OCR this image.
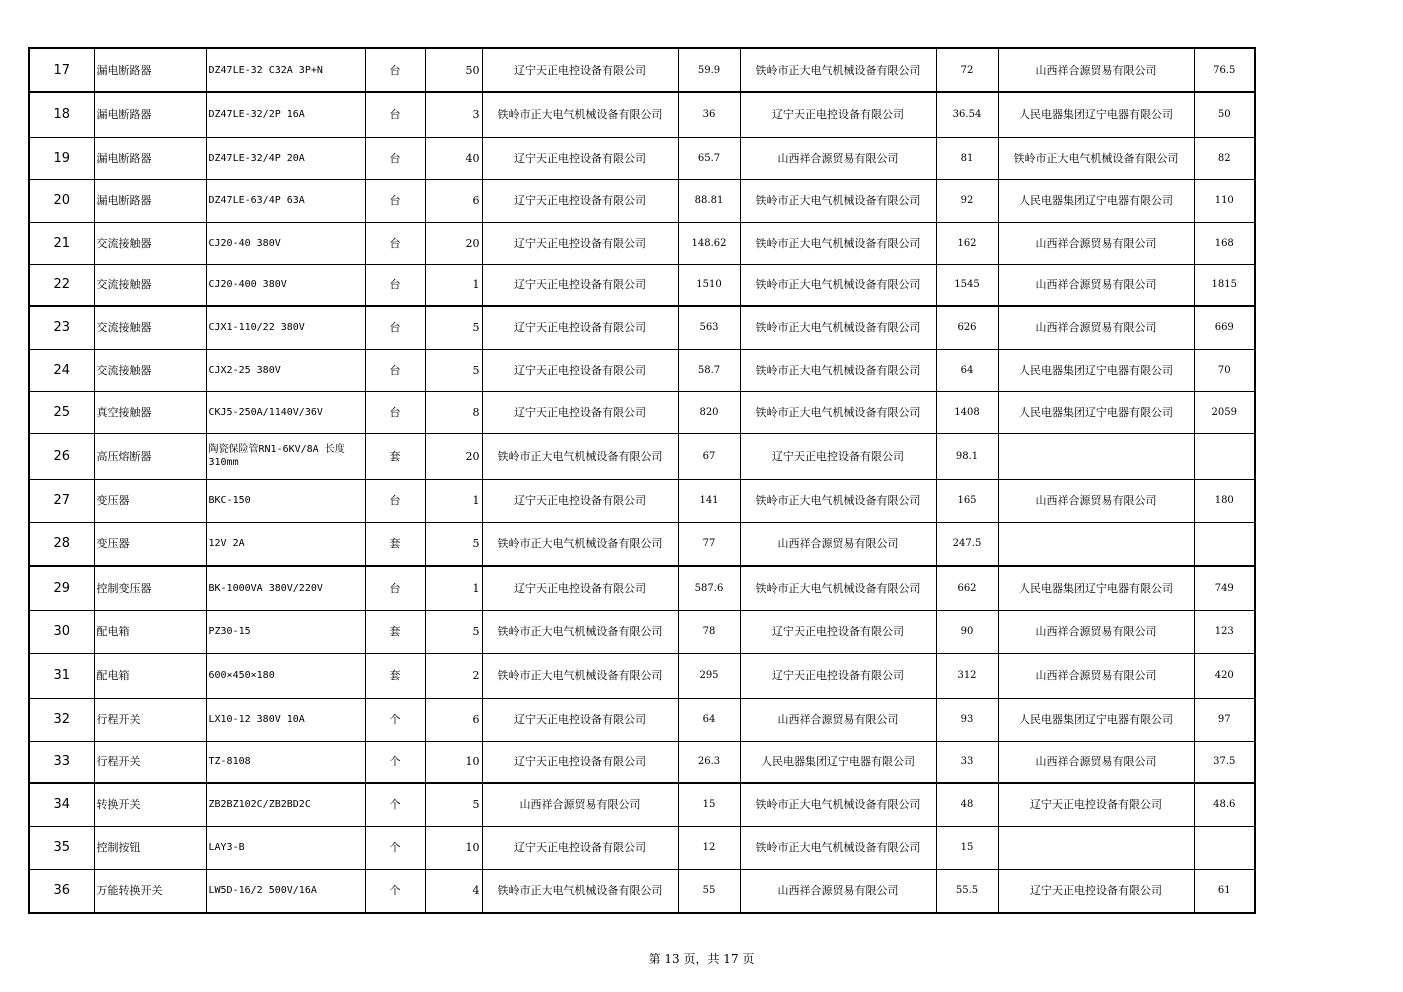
17	漏电断路器	DZ47LE-32 C32A 3P+N	台	50	辽宁天正电控设备有限公司	59.9	铁岭市正大电气机械设备有限公司	72	山西祥合源贸易有限公司	76.5
18	漏电断路器	DZ47LE-32/2P 16A	台	3	铁岭市正大电气机械设备有限公司	36	辽宁天正电控设备有限公司	36.54	人民电器集团辽宁电器有限公司	50
19	漏电断路器	DZ47LE-32/4P 20A	台	40	辽宁天正电控设备有限公司	65.7	山西祥合源贸易有限公司	81	铁岭市正大电气机械设备有限公司	82
20	漏电断路器	DZ47LE-63/4P 63A	台	6	辽宁天正电控设备有限公司	88.81	铁岭市正大电气机械设备有限公司	92	人民电器集团辽宁电器有限公司	110
21	交流接触器	CJ20-40 380V	台	20	辽宁天正电控设备有限公司	148.62	铁岭市正大电气机械设备有限公司	162	山西祥合源贸易有限公司	168
22	交流接触器	CJ20-400 380V	台	1	辽宁天正电控设备有限公司	1510	铁岭市正大电气机械设备有限公司	1545	山西祥合源贸易有限公司	1815
23	交流接触器	CJX1-110/22 380V	台	5	辽宁天正电控设备有限公司	563	铁岭市正大电气机械设备有限公司	626	山西祥合源贸易有限公司	669
24	交流接触器	CJX2-25 380V	台	5	辽宁天正电控设备有限公司	58.7	铁岭市正大电气机械设备有限公司	64	人民电器集团辽宁电器有限公司	70
25	真空接触器	CKJ5-250A/1140V/36V	台	8	辽宁天正电控设备有限公司	820	铁岭市正大电气机械设备有限公司	1408	人民电器集团辽宁电器有限公司	2059
26	高压熔断器	陶瓷保险管RN1-6KV/8A 长度310mm	套	20	铁岭市正大电气机械设备有限公司	67	辽宁天正电控设备有限公司	98.1		
27	变压器	BKC-150	台	1	辽宁天正电控设备有限公司	141	铁岭市正大电气机械设备有限公司	165	山西祥合源贸易有限公司	180
28	变压器	12V 2A	套	5	铁岭市正大电气机械设备有限公司	77	山西祥合源贸易有限公司	247.5		
29	控制变压器	BK-1000VA 380V/220V	台	1	辽宁天正电控设备有限公司	587.6	铁岭市正大电气机械设备有限公司	662	人民电器集团辽宁电器有限公司	749
30	配电箱	PZ30-15	套	5	铁岭市正大电气机械设备有限公司	78	辽宁天正电控设备有限公司	90	山西祥合源贸易有限公司	123
31	配电箱	600×450×180	套	2	铁岭市正大电气机械设备有限公司	295	辽宁天正电控设备有限公司	312	山西祥合源贸易有限公司	420
32	行程开关	LX10-12 380V 10A	个	6	辽宁天正电控设备有限公司	64	山西祥合源贸易有限公司	93	人民电器集团辽宁电器有限公司	97
33	行程开关	TZ-8108	个	10	辽宁天正电控设备有限公司	26.3	人民电器集团辽宁电器有限公司	33	山西祥合源贸易有限公司	37.5
34	转换开关	ZB2BZ102C/ZB2BD2C	个	5	山西祥合源贸易有限公司	15	铁岭市正大电气机械设备有限公司	48	辽宁天正电控设备有限公司	48.6
35	控制按钮	LAY3-B	个	10	辽宁天正电控设备有限公司	12	铁岭市正大电气机械设备有限公司	15		
36	万能转换开关	LW5D-16/2 500V/16A	个	4	铁岭市正大电气机械设备有限公司	55	山西祥合源贸易有限公司	55.5	辽宁天正电控设备有限公司	61
第 13 页，共 17 页
